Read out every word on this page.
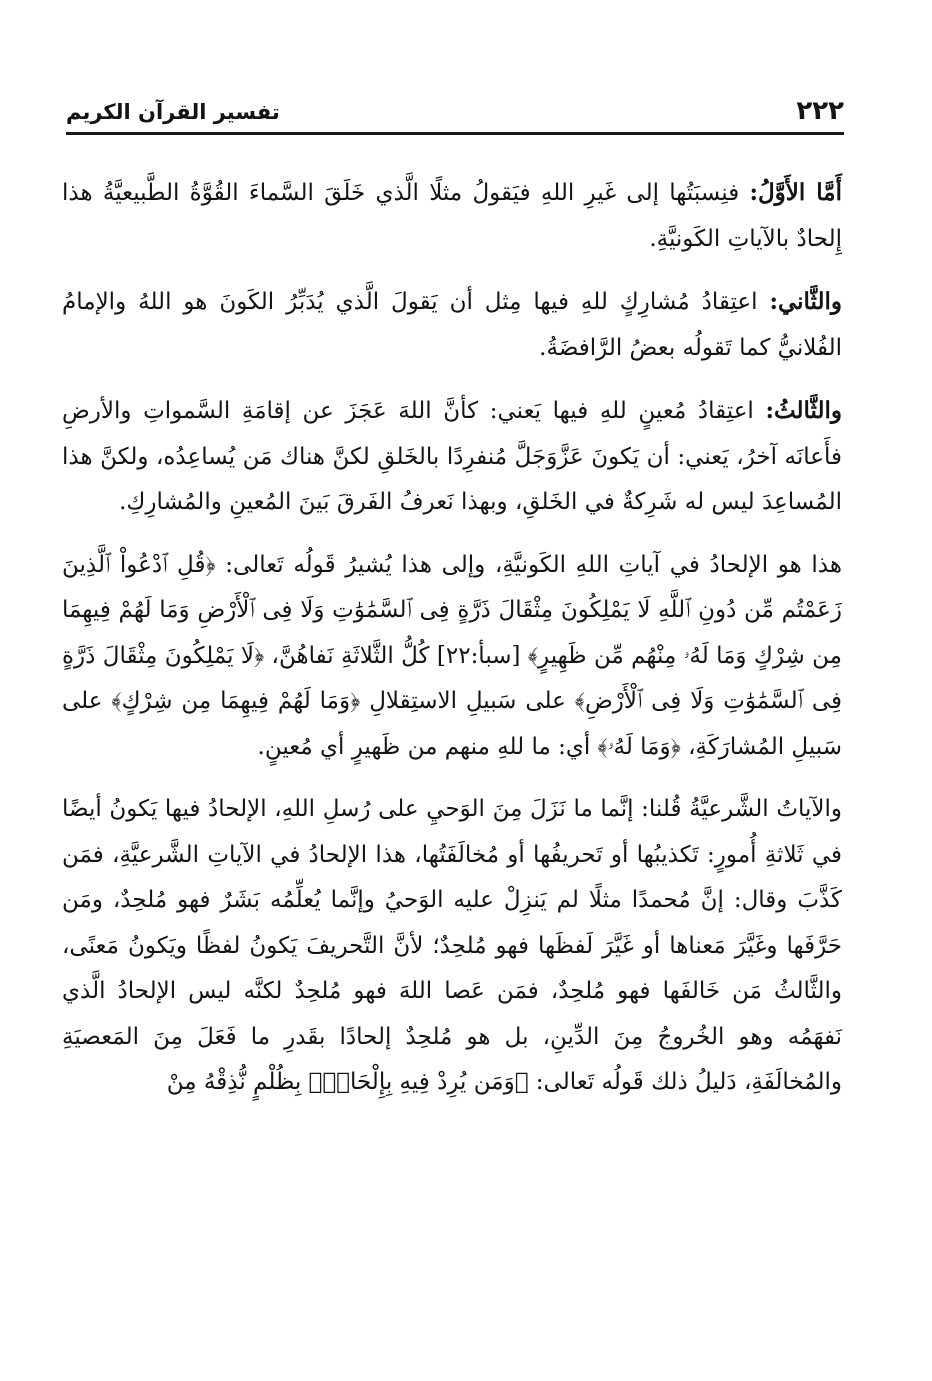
٢٢٢
تفسير القرآن الكريم

أَمَّا الأَوَّلُ: فنِسبَتُها إلى غَيرِ اللهِ فيَقولُ مثلًا الَّذي خَلَقَ السَّماءَ القُوَّةُ الطَّبيعيَّةُ هذا إِلحادٌ بالآياتِ الكَونيَّةِ.

والثَّاني: اعتِقادُ مُشارِكٍ للهِ فيها مِثل أن يَقولَ الَّذي يُدَبِّرُ الكَونَ هو اللهُ والإمامُ الفُلانيُّ كما تَقولُه بعضُ الرَّافضَةُ.

والثَّالثُ: اعتِقادُ مُعينٍ للهِ فيها يَعني: كأنَّ اللهَ عَجَزَ عن إقامَةِ السَّمواتِ والأرضِ فأَعانَه آخرُ، يَعني: أن يَكونَ عَزَّوَجَلَّ مُنفرِدًا بالخَلقِ لكنَّ هناك مَن يُساعِدُه، ولكنَّ هذا المُساعِدَ ليس له شَرِكةٌ في الخَلقِ، وبهذا نَعرفُ الفَرقَ بَينَ المُعينِ والمُشارِكِ.

هذا هو الإلحادُ في آياتِ اللهِ الكَونيَّةِ، وإلى هذا يُشيرُ قَولُه تَعالى: ﴿قُلِ ٱدْعُواْ ٱلَّذِينَ زَعَمْتُم مِّن دُونِ ٱللَّهِ لَا يَمْلِكُونَ مِثْقَالَ ذَرَّةٍ فِى ٱلسَّمَٰوَٰتِ وَلَا فِى ٱلْأَرْضِ وَمَا لَهُمْ فِيهِمَا مِن شِرْكٍ وَمَا لَهُۥ مِنْهُم مِّن ظَهِيرٍ﴾ [سبأ:٢٢] كُلُّ الثَّلاثَةِ نَفاهُنَّ، ﴿لَا يَمْلِكُونَ مِثْقَالَ ذَرَّةٍ فِى ٱلسَّمَٰوَٰتِ وَلَا فِى ٱلْأَرْضِ﴾ على سَبيلِ الاستِقلالِ ﴿وَمَا لَهُمْ فِيهِمَا مِن شِرْكٍ﴾ على سَبيلِ المُشارَكَةِ، ﴿وَمَا لَهُۥ﴾ أي: ما للهِ منهم من ظَهيرٍ أي مُعينٍ.

والآياتُ الشَّرعيَّةُ قُلنا: إنَّما ما نَزَلَ مِنَ الوَحيِ على رُسلِ اللهِ، الإلحادُ فيها يَكونُ أيضًا في ثَلاثةِ أُمورٍ: تَكذيبُها أو تَحريفُها أو مُخالَفَتُها، هذا الإلحادُ في الآياتِ الشَّرعيَّةِ، فمَن كَذَّبَ وقال: إنَّ مُحمدًا مثلًا لم يَنزِلْ عليه الوَحيُ وإنَّما يُعلِّمُه بَشَرٌ فهو مُلحِدٌ، ومَن حَرَّفَها وغَيَّرَ مَعناها أو غَيَّرَ لَفظَها فهو مُلحِدٌ؛ لأنَّ التَّحريفَ يَكونُ لفظًا ويَكونُ مَعنًى، والثَّالثُ مَن خَالفَها فهو مُلحِدٌ، فمَن عَصا اللهَ فهو مُلحِدٌ لكنَّه ليس الإلحادُ الَّذي نَفهَمُه وهو الخُروجُ مِنَ الدِّينِ، بل هو مُلحِدٌ إلحادًا بقَدرِ ما فَعَلَ مِنَ المَعصيَةِ والمُخالَفَةِ، دَليلُ ذلك قَولُه تَعالى: ﴿وَمَن يُرِدْ فِيهِ بِإِلْحَادٍۭ بِظُلْمٍ نُّذِقْهُ مِنْ
